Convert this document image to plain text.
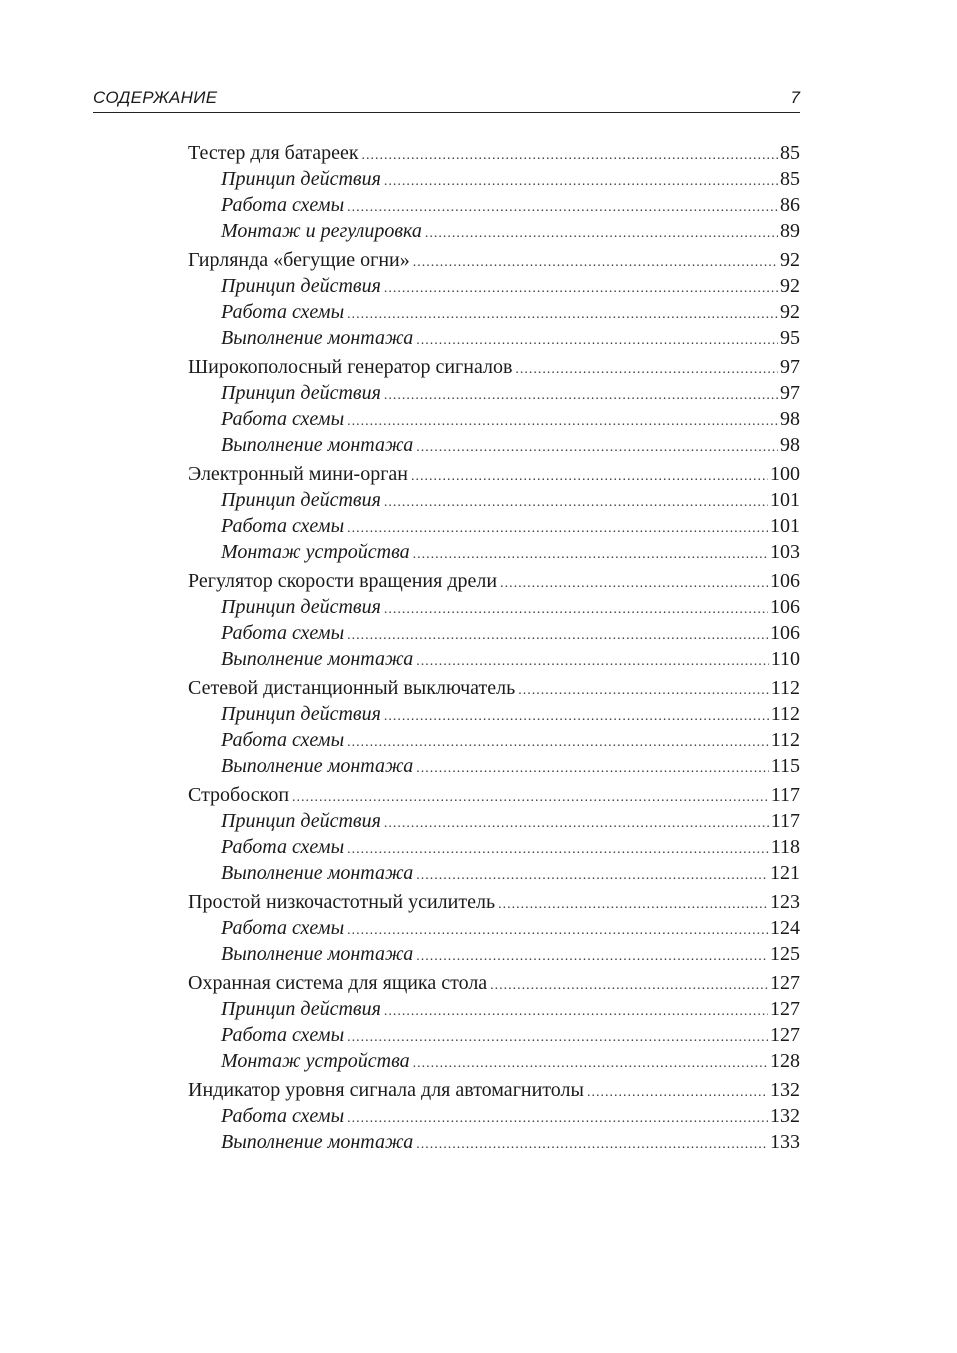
СОДЕРЖАНИЕ	7
Тестер для батареек .....	85
Принцип действия .....	85
Работа схемы .....	86
Монтаж и регулировка .....	89
Гирлянда «бегущие огни» .....	92
Принцип действия .....	92
Работа схемы .....	92
Выполнение монтажа .....	95
Широкополосный генератор сигналов .....	97
Принцип действия .....	97
Работа схемы .....	98
Выполнение монтажа .....	98
Электронный мини-орган .....	100
Принцип действия .....	101
Работа схемы .....	101
Монтаж устройства .....	103
Регулятор скорости вращения дрели .....	106
Принцип действия .....	106
Работа схемы .....	106
Выполнение монтажа .....	110
Сетевой дистанционный выключатель .....	112
Принцип действия .....	112
Работа схемы .....	112
Выполнение монтажа .....	115
Стробоскоп .....	117
Принцип действия .....	117
Работа схемы .....	118
Выполнение монтажа .....	121
Простой низкочастотный усилитель .....	123
Работа схемы .....	124
Выполнение монтажа .....	125
Охранная система для ящика стола .....	127
Принцип действия .....	127
Работа схемы .....	127
Монтаж устройства .....	128
Индикатор уровня сигнала для автомагнитолы .....	132
Работа схемы .....	132
Выполнение монтажа .....	133
